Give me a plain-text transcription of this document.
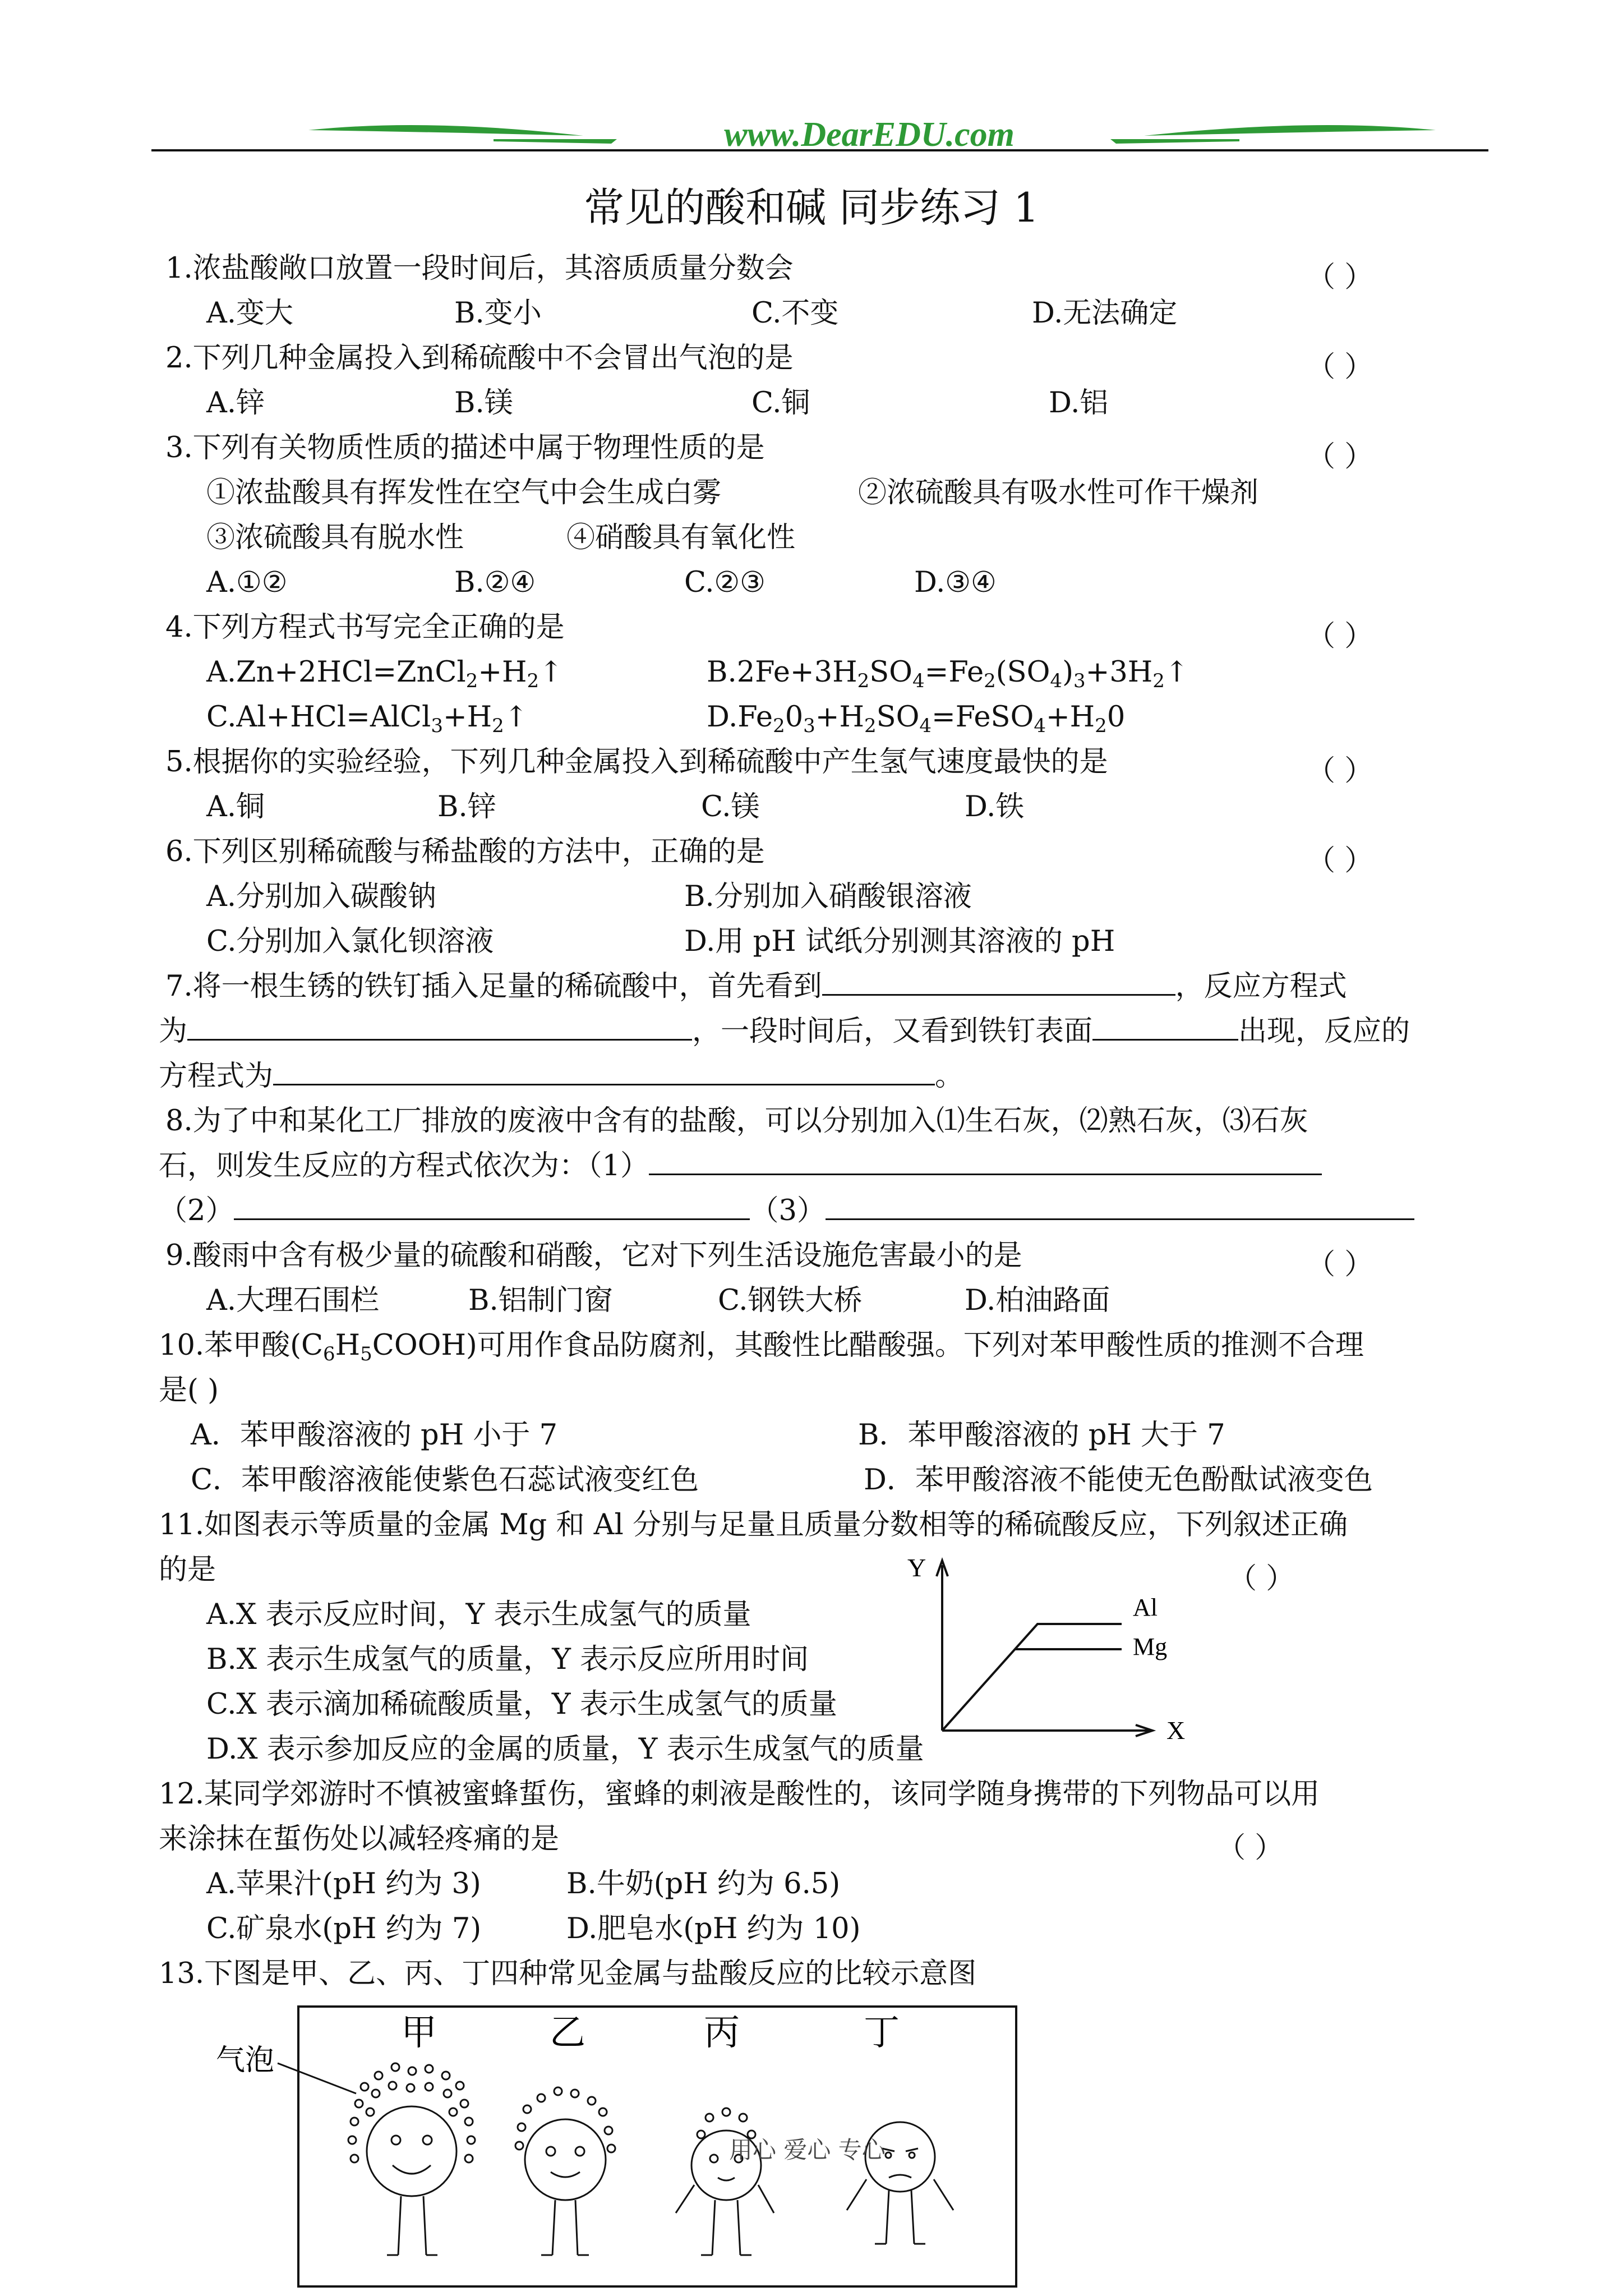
www.DearEDU.com
常见的酸和碱 同步练习 1
1.浓盐酸敞口放置一段时间后，其溶质质量分数会	（ ）
A.变大	B.变小	C.不变	D.无法确定
2.下列几种金属投入到稀硫酸中不会冒出气泡的是	（ ）
A.锌	B.镁	C.铜	D.铝
3.下列有关物质性质的描述中属于物理性质的是	（ ）
①浓盐酸具有挥发性在空气中会生成白雾	②浓硫酸具有吸水性可作干燥剂
③浓硫酸具有脱水性	④硝酸具有氧化性
A.①②	B.②④	C.②③	D.③④
4.下列方程式书写完全正确的是	（ ）
$A.Zn+2HCl=ZnCl_2+H_2↑$	$B.2Fe+3H_2SO_4=Fe_2(SO_4)_3+3H_2↑$
$C.Al+HCl=AlCl_3+H_2↑$	$D.Fe_20_3+H_2SO_4=FeSO_4+H_20$
5.根据你的实验经验，下列几种金属投入到稀硫酸中产生氢气速度最快的是	（ ）
A.铜	B.锌	C.镁	D.铁
6.下列区别稀硫酸与稀盐酸的方法中，正确的是	（ ）
A.分别加入碳酸钠	B.分别加入硝酸银溶液
C.分别加入氯化钡溶液	D.用 pH 试纸分别测其溶液的 pH
7.将一根生锈的铁钉插入足量的稀硫酸中，首先看到	，反应方程式
为	，一段时间后，又看到铁钉表面	出现，反应的
方程式为	。
8.为了中和某化工厂排放的废液中含有的盐酸，可以分别加入⑴生石灰，⑵熟石灰，⑶石灰
石，则发生反应的方程式依次为：（1）
（2）	（3）
9.酸雨中含有极少量的硫酸和硝酸，它对下列生活设施危害最小的是	（ ）
A.大理石围栏	B.铝制门窗	C.钢铁大桥	D.柏油路面
10.苯甲酸$(C_6H_5COOH)$可用作食品防腐剂，其酸性比醋酸强。下列对苯甲酸性质的推测不合理
是( )
A．苯甲酸溶液的 pH 小于 7	B．苯甲酸溶液的 pH 大于 7
C．苯甲酸溶液能使紫色石蕊试液变红色	D．苯甲酸溶液不能使无色酚酞试液变色
11.如图表示等质量的金属 Mg 和 Al 分别与足量且质量分数相等的稀硫酸反应，下列叙述正确
的是	（ ）
A.X 表示反应时间，Y 表示生成氢气的质量
B.X 表示生成氢气的质量，Y 表示反应所用时间
C.X 表示滴加稀硫酸质量，Y 表示生成氢气的质量
D.X 表示参加反应的金属的质量，Y 表示生成氢气的质量
Y
X
Al
Mg
12.某同学郊游时不慎被蜜蜂蜇伤，蜜蜂的刺液是酸性的，该同学随身携带的下列物品可以用
来涂抹在蜇伤处以减轻疼痛的是	（ ）
A.苹果汁(pH 约为 3)	B.牛奶(pH 约为 6.5)
C.矿泉水(pH 约为 7)	D.肥皂水(pH 约为 10)
13.下图是甲、乙、丙、丁四种常见金属与盐酸反应的比较示意图
甲	乙	丙	丁
气泡
用心 爱心 专心
